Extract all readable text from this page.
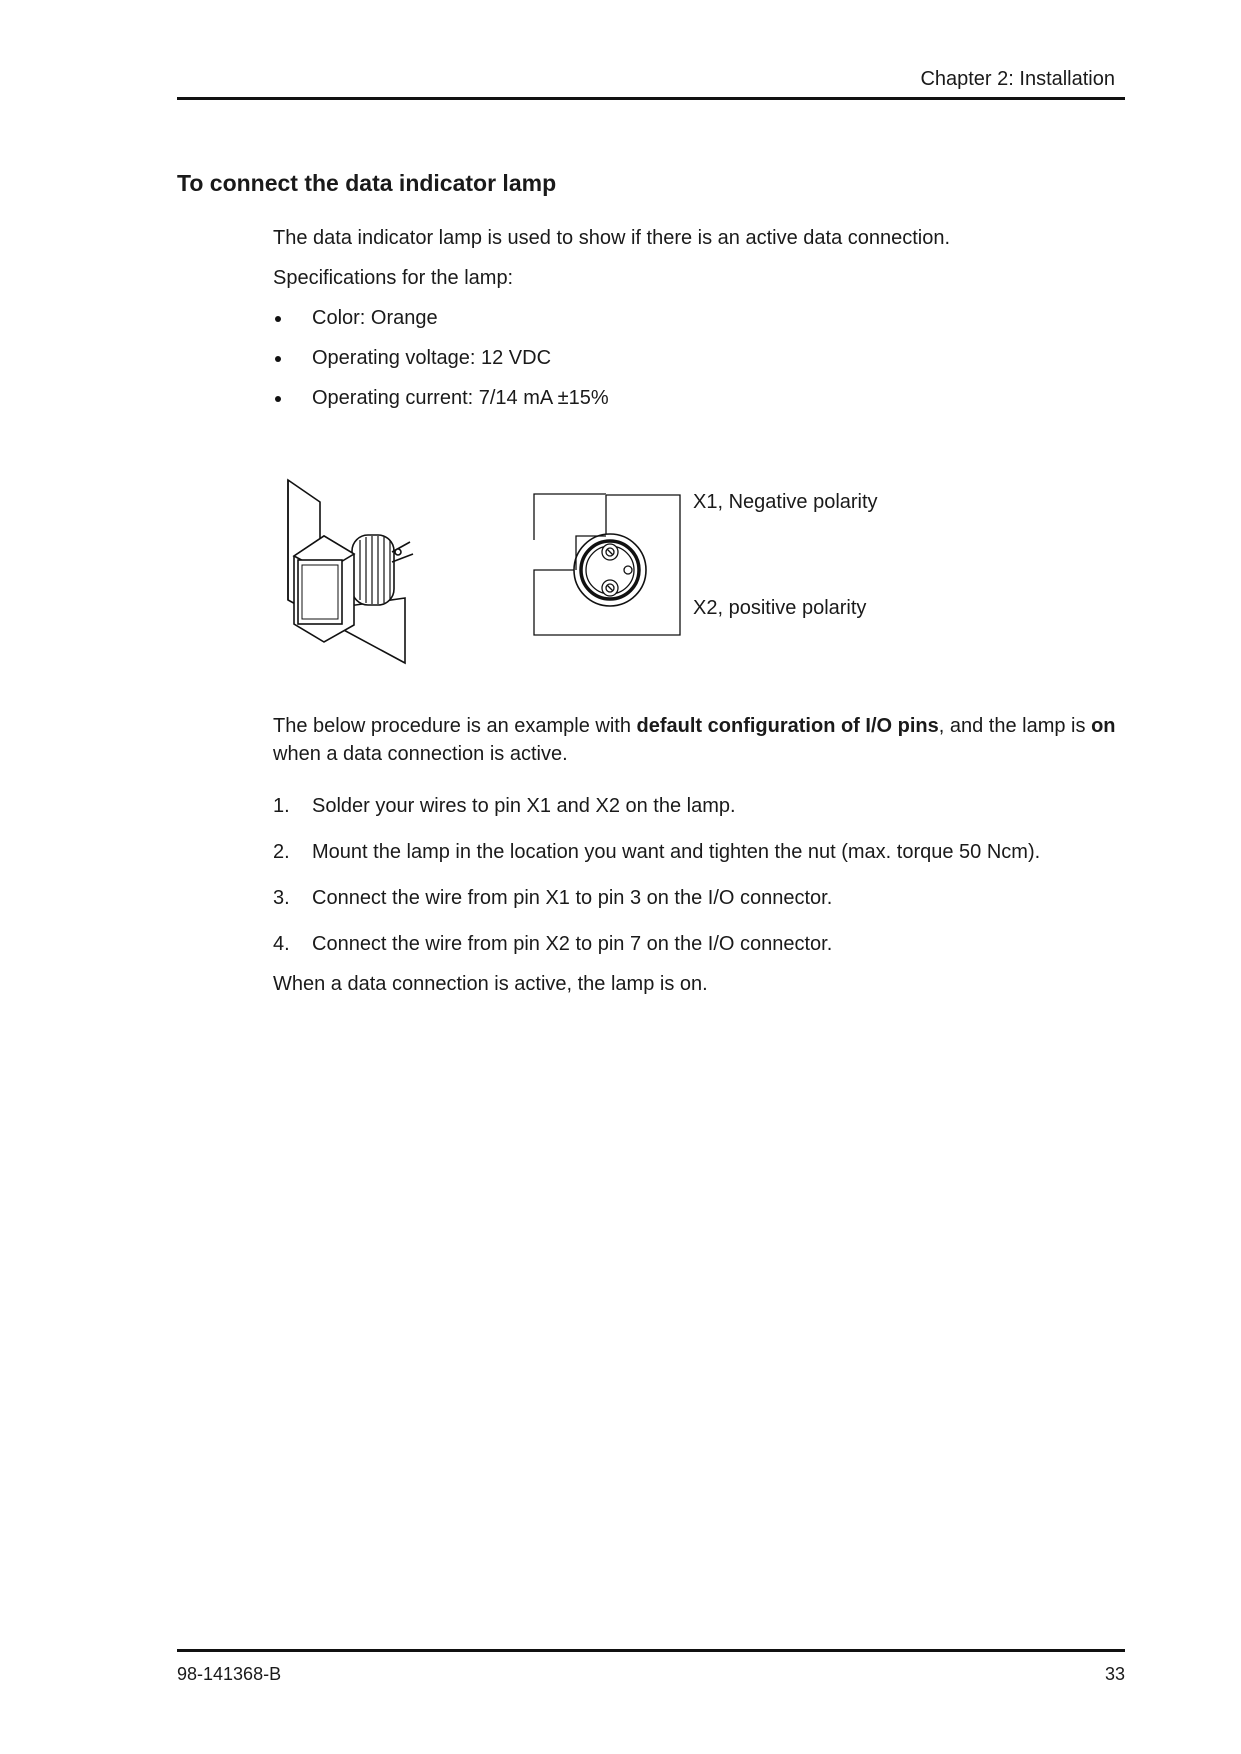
Chapter 2: Installation
To connect the data indicator lamp

The data indicator lamp is used to show if there is an active data connection.

Specifications for the lamp:

Color: Orange
Operating voltage: 12 VDC
Operating current: 7/14 mA ±15%
X1, Negative polarity
X2, positive polarity

The below procedure is an example with default configuration of I/O pins, and the lamp is on when a data connection is active.

1. Solder your wires to pin X1 and X2 on the lamp.
2. Mount the lamp in the location you want and tighten the nut (max. torque 50 Ncm).
3. Connect the wire from pin X1 to pin 3 on the I/O connector.
4. Connect the wire from pin X2 to pin 7 on the I/O connector.

When a data connection is active, the lamp is on.

98-141368-B	33
